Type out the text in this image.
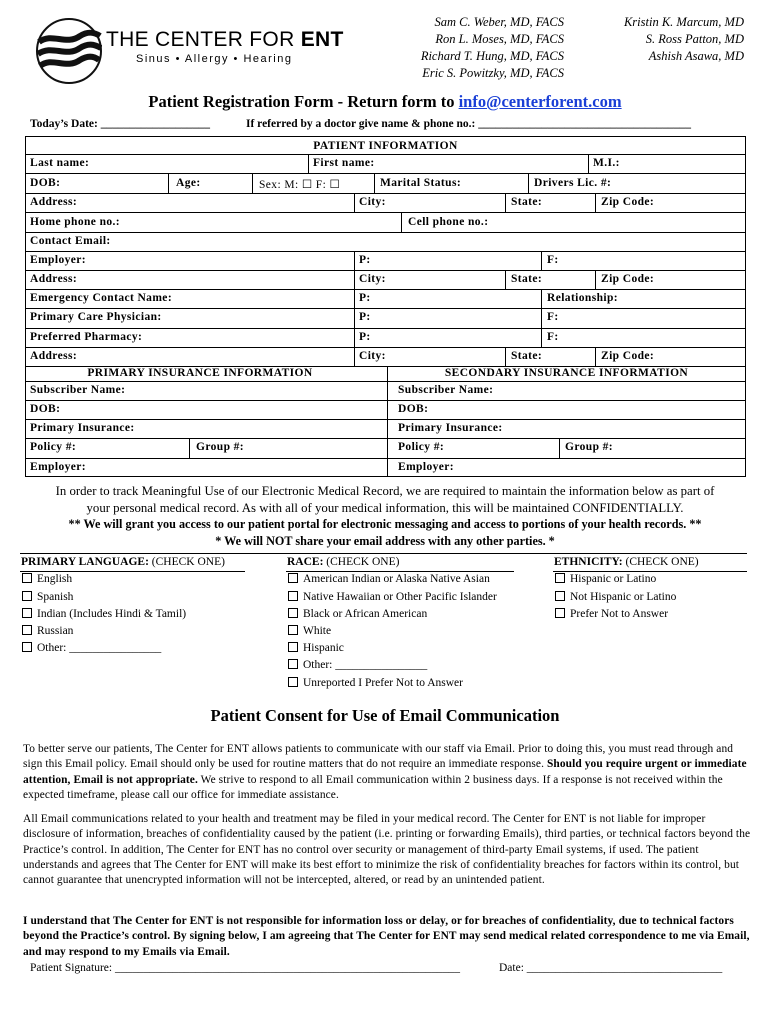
THE CENTER FOR ENT
Sinus • Allergy • Hearing
Sam C. Weber, MD, FACS
Ron L. Moses, MD, FACS
Richard T. Hung, MD, FACS
Eric S. Powitzky, MD, FACS
Kristin K. Marcum, MD
S. Ross Patton, MD
Ashish Asawa, MD
Patient Registration Form - Return form to info@centerforent.com
Today’s Date: ___________________	If referred by a doctor give name & phone no.: _____________________________________
PATIENT INFORMATION
Last name:	First name:	M.I.:
DOB:	Age:	Sex: M: ☐ F: ☐	Marital Status:	Drivers Lic. #:
Address:	City:	State:	Zip Code:
Home phone no.:	Cell phone no.:
Contact Email:
Employer:	P:	F:
Address:	City:	State:	Zip Code:
Emergency Contact Name:	P:	Relationship:
Primary Care Physician:	P:	F:
Preferred Pharmacy:	P:	F:
Address:	City:	State:	Zip Code:
PRIMARY INSURANCE INFORMATION	SECONDARY INSURANCE INFORMATION
Subscriber Name:	Subscriber Name:
DOB:	DOB:
Primary Insurance:	Primary Insurance:
Policy #:	Group #:	Policy #:	Group #:
Employer:	Employer:
In order to track Meaningful Use of our Electronic Medical Record, we are required to maintain the information below as part of
your personal medical record. As with all of your medical information, this will be maintained CONFIDENTIALLY.
** We will grant you access to our patient portal for electronic messaging and access to portions of your health records. **
* We will NOT share your email address with any other parties. *
PRIMARY LANGUAGE: (CHECK ONE)
English
Spanish
Indian (Includes Hindi & Tamil)
Russian
Other: ________________
RACE: (CHECK ONE)
American Indian or Alaska Native Asian
Native Hawaiian or Other Pacific Islander
Black or African American
White
Hispanic
Other: ________________
Unreported I Prefer Not to Answer
ETHNICITY: (CHECK ONE)
Hispanic or Latino
Not Hispanic or Latino
Prefer Not to Answer
Patient Consent for Use of Email Communication
To better serve our patients, The Center for ENT allows patients to communicate with our staff via Email. Prior to doing this, you must read through and sign this Email policy. Email should only be used for routine matters that do not require an immediate response. Should you require urgent or immediate attention, Email is not appropriate. We strive to respond to all Email communication within 2 business days. If a response is not received within the expected timeframe, please call our office for immediate assistance.
All Email communications related to your health and treatment may be filed in your medical record. The Center for ENT is not liable for improper disclosure of information, breaches of confidentiality caused by the patient (i.e. printing or forwarding Emails), third parties, or technical factors beyond the Practice’s control. In addition, The Center for ENT has no control over security or management of third-party Email systems, if used. The patient understands and agrees that The Center for ENT will make its best effort to minimize the risk of confidentiality breaches for factors within its control, but cannot guarantee that unencrypted information will not be intercepted, altered, or read by an unintended patient.
I understand that The Center for ENT is not responsible for information loss or delay, or for breaches of confidentiality, due to technical factors beyond the Practice’s control. By signing below, I am agreeing that The Center for ENT may send medical related correspondence to me via Email, and may respond to my Emails via Email.
Patient Signature: ____________________________________________________________	Date: __________________________________
